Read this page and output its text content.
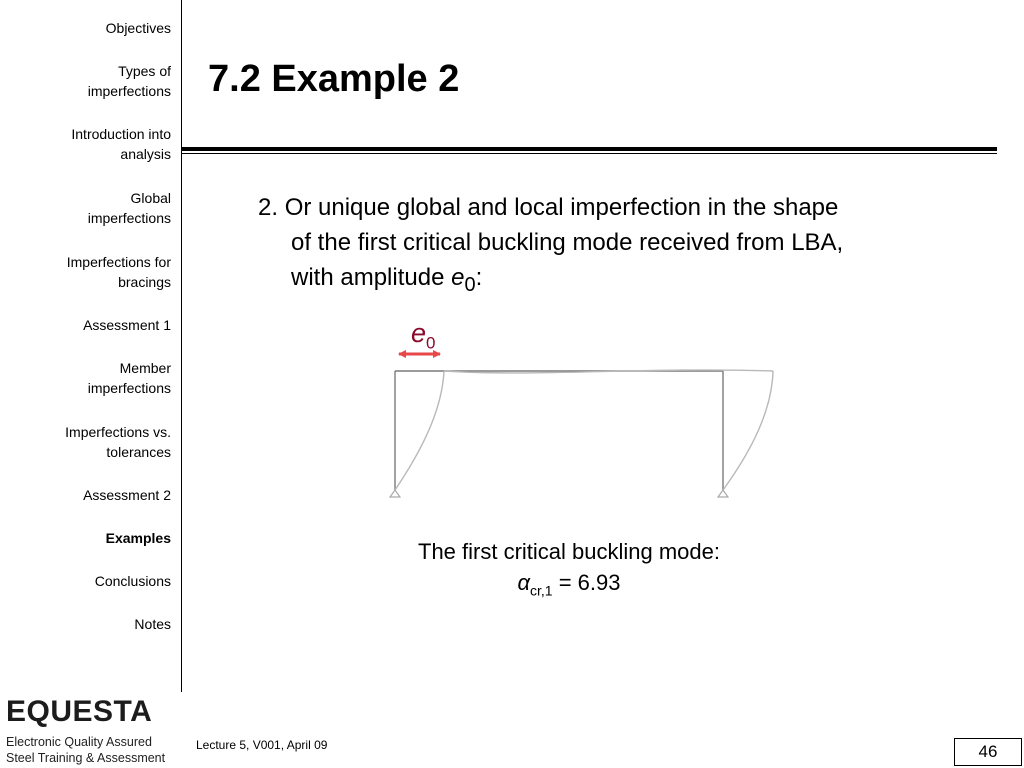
Objectives
Types of imperfections
Introduction into analysis
Global imperfections
Imperfections for bracings
Assessment 1
Member imperfections
Imperfections vs. tolerances
Assessment 2
Examples
Conclusions
Notes
7.2 Example 2
2. Or unique global and local imperfection in the shape
of the first critical buckling mode received from LBA,
with amplitude $e_0$:
$e_0$
The first critical buckling mode:
$\alpha_{cr,1} = 6.93$
EQUESTA
Electronic Quality Assured
Steel Training & Assessment
Lecture 5, V001, April 09	46
